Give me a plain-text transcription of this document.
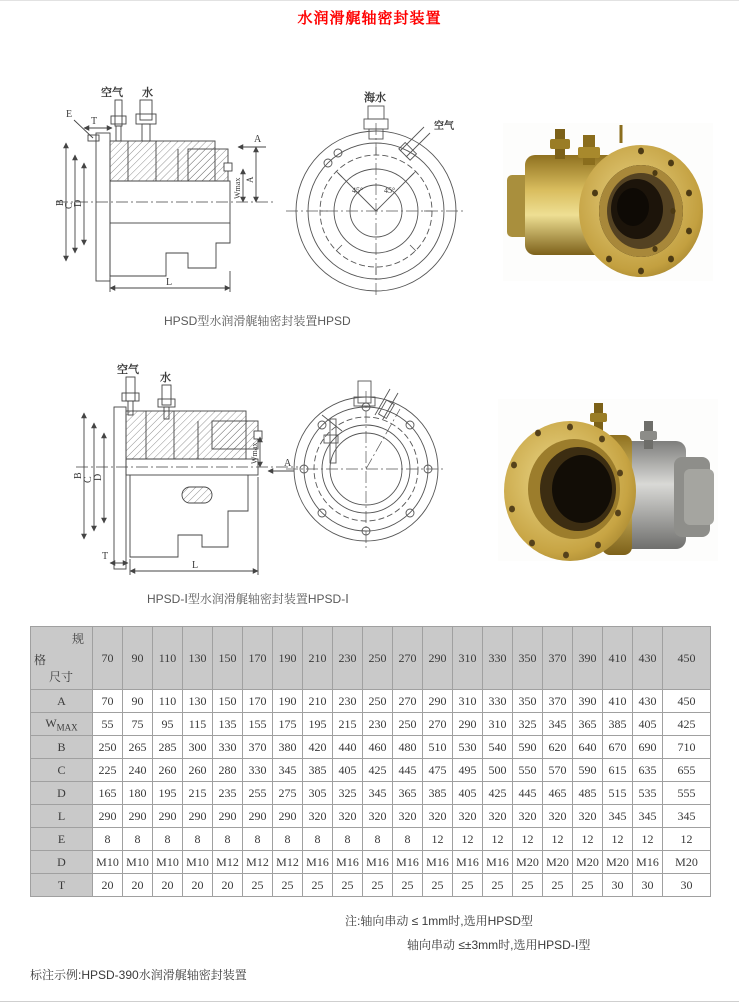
水润滑艉轴密封装置
空气 水
E
T
A
B
C
D
Wmax A
L
海水
45°	45°
空气
HPSD型水润滑艉轴密封装置HPSD
空气
水
A
Wmax
B
C D
T
L
HPSD-Ⅰ型水润滑艉轴密封装置HPSD-Ⅰ
规
格
尺寸	70	90	110	130	150	170	190	210	230	250	270	290	310	330	350	370	390	410	430	450
A	70	90	110	130	150	170	190	210	230	250	270	290	310	330	350	370	390	410	430	450
$W_{MAX}$	55	75	95	115	135	155	175	195	215	230	250	270	290	310	325	345	365	385	405	425
B	250	265	285	300	330	370	380	420	440	460	480	510	530	540	590	620	640	670	690	710
C	225	240	260	260	280	330	345	385	405	425	445	475	495	500	550	570	590	615	635	655
D	165	180	195	215	235	255	275	305	325	345	365	385	405	425	445	465	485	515	535	555
L	290	290	290	290	290	290	290	320	320	320	320	320	320	320	320	320	320	345	345	345
E	8	8	8	8	8	8	8	8	8	8	8	12	12	12	12	12	12	12	12	12
D	M10	M10	M10	M10	M12	M12	M12	M16	M16	M16	M16	M16	M16	M16	M20	M20	M20	M20	M16	M20
T	20	20	20	20	20	25	25	25	25	25	25	25	25	25	25	25	25	30	30	30
注:轴向串动 ≤ 1mm时,选用HPSD型
轴向串动 ≤±3mm时,选用HPSD-Ⅰ型
标注示例:HPSD-390水润滑艉轴密封装置
